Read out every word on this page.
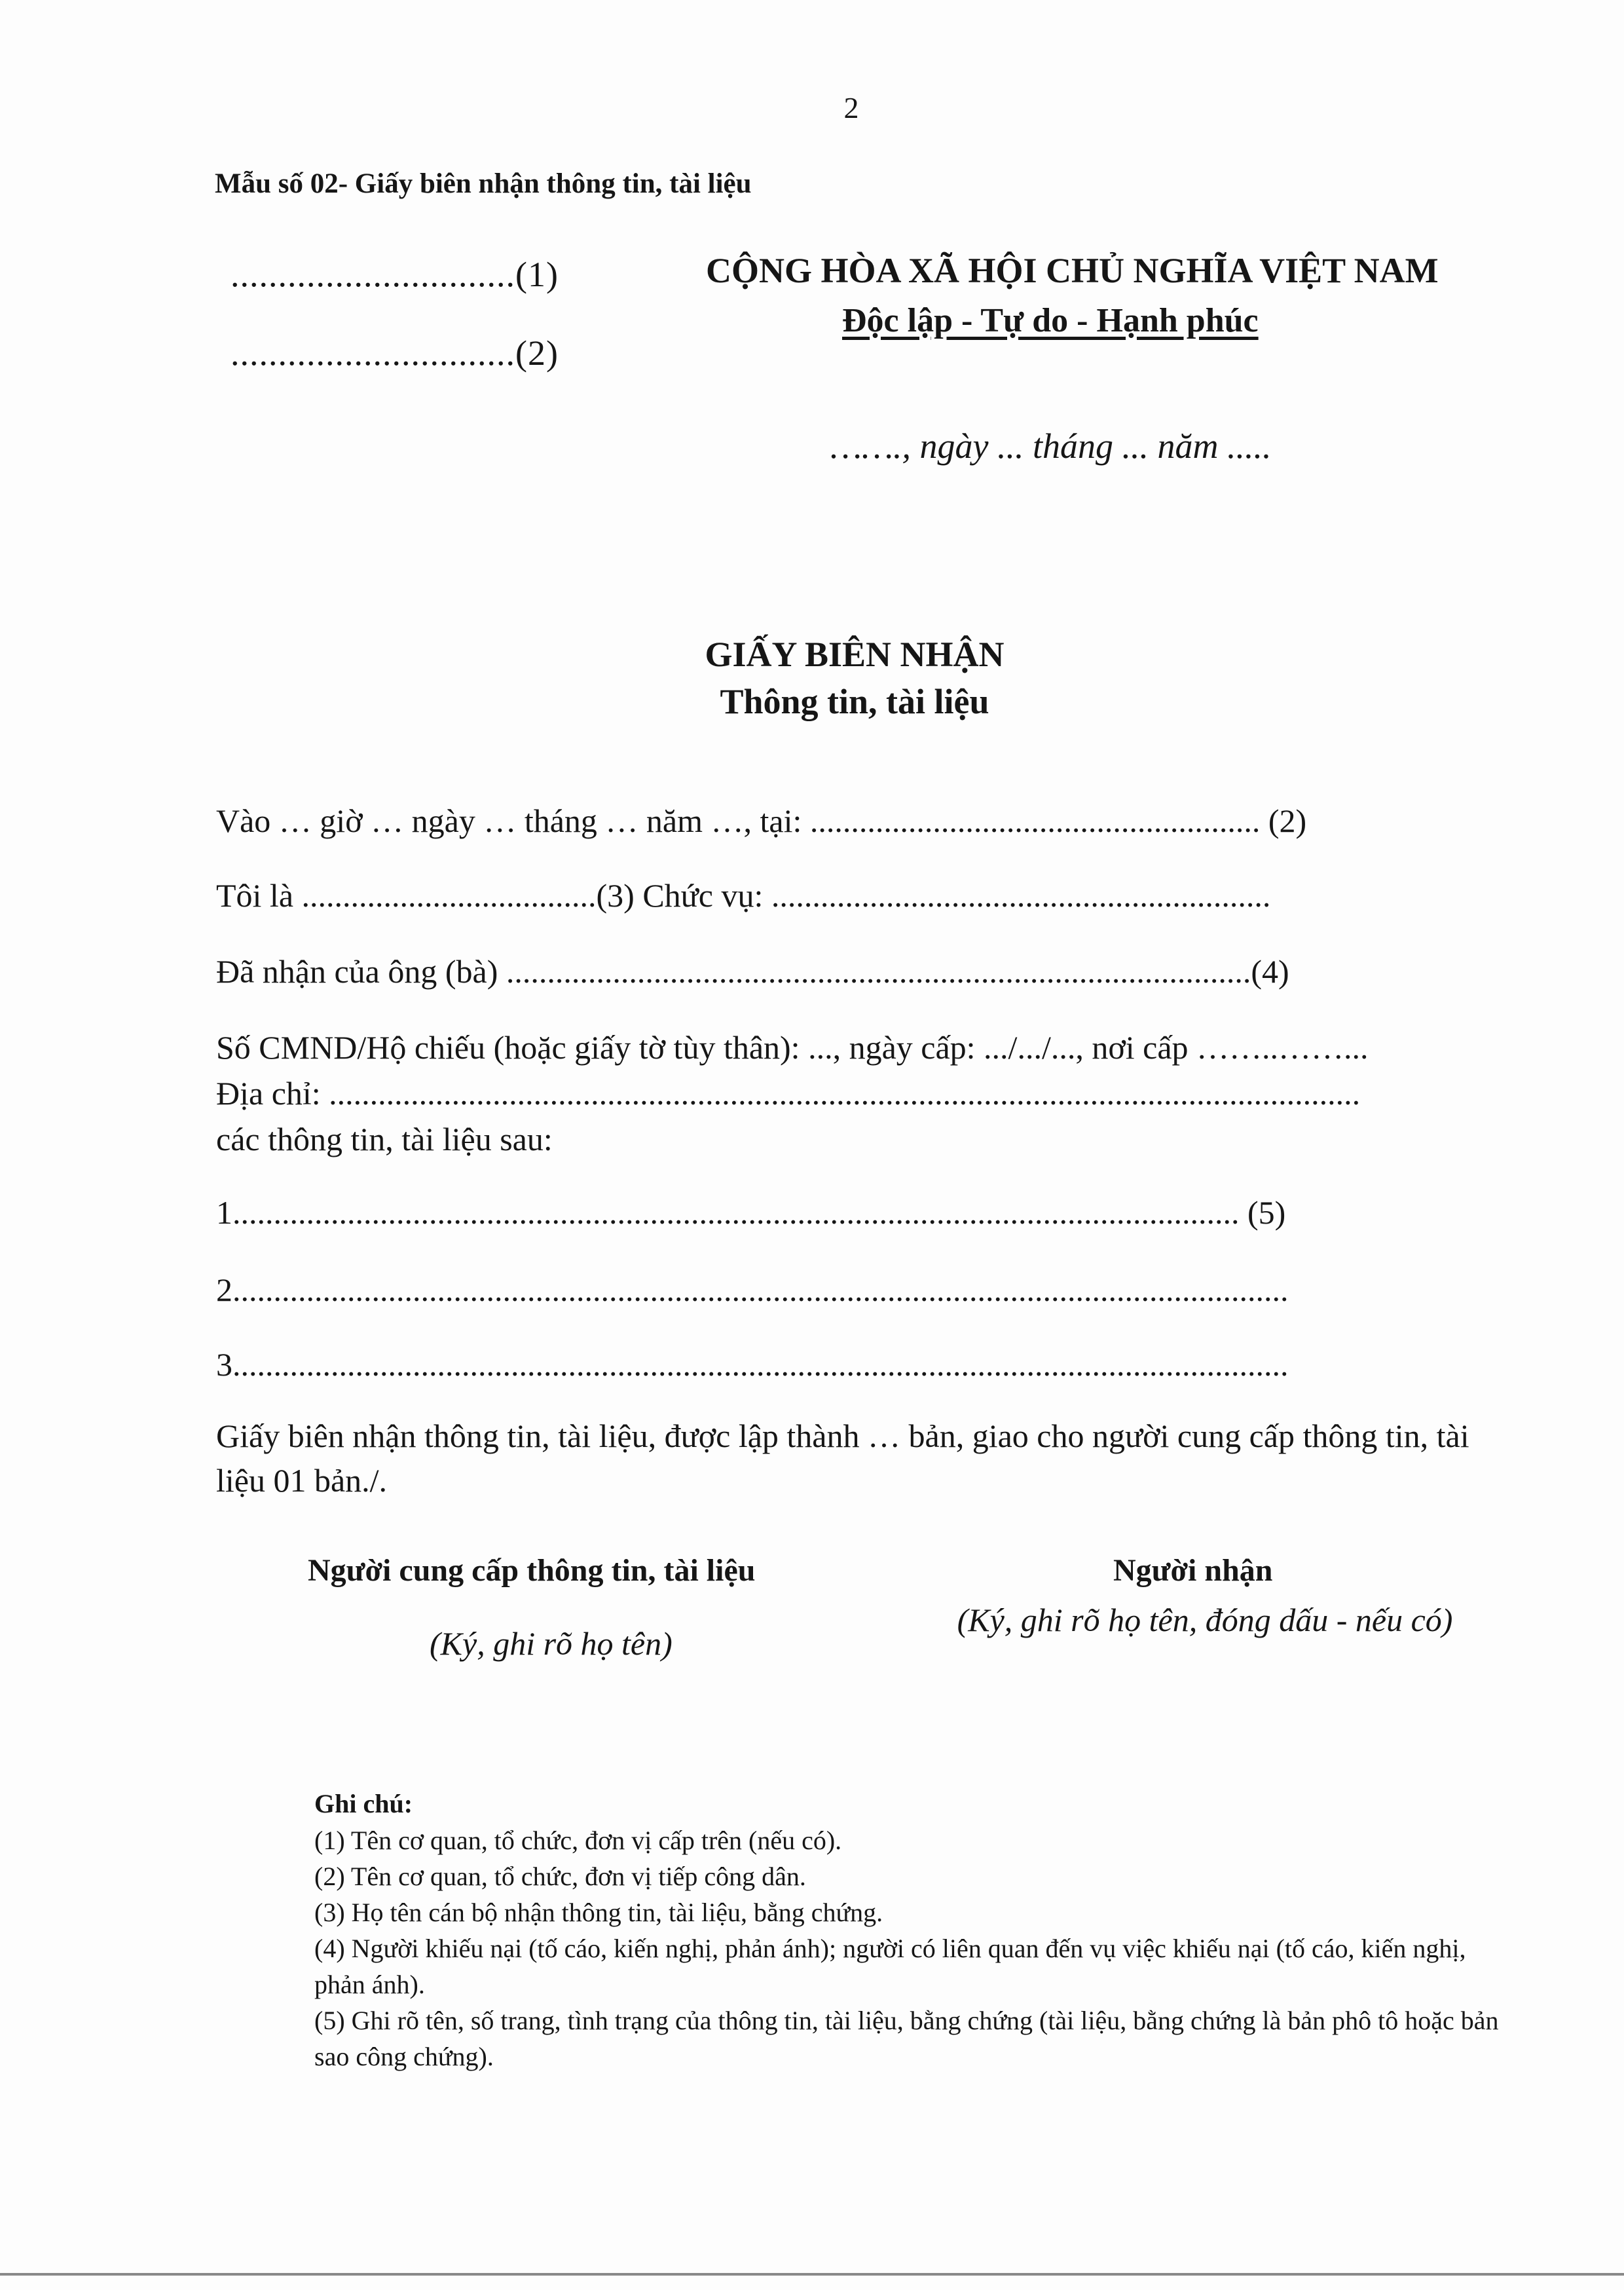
2
Mẫu số 02- Giấy biên nhận thông tin, tài liệu
..............................(1)
..............................(2)
CỘNG HÒA XÃ HỘI CHỦ NGHĨA VIỆT NAM
Độc lập - Tự do - Hạnh phúc
……., ngày ... tháng ... năm .....
GIẤY BIÊN NHẬN
Thông tin, tài liệu
Vào … giờ … ngày … tháng … năm …, tại: ....................................................... (2)
Tôi là ....................................(3) Chức vụ: .............................................................
Đã nhận của ông (bà) ...........................................................................................(4)
Số CMND/Hộ chiếu (hoặc giấy tờ tùy thân): ..., ngày cấp: .../.../..., nơi cấp ……..……...
Địa chỉ: ..............................................................................................................................
các thông tin, tài liệu sau:
1........................................................................................................................... (5)
2.................................................................................................................................
3.................................................................................................................................
Giấy biên nhận thông tin, tài liệu, được lập thành … bản, giao cho người cung cấp thông tin, tài liệu 01 bản./.
Người cung cấp thông tin, tài liệu
(Ký, ghi rõ họ tên)
Người nhận
(Ký, ghi rõ họ tên, đóng dấu - nếu có)
Ghi chú:
(1) Tên cơ quan, tổ chức, đơn vị cấp trên (nếu có).
(2) Tên cơ quan, tổ chức, đơn vị tiếp công dân.
(3) Họ tên cán bộ nhận thông tin, tài liệu, bằng chứng.
(4) Người khiếu nại (tố cáo, kiến nghị, phản ánh); người có liên quan đến vụ việc khiếu nại (tố cáo, kiến nghị, phản ánh).
(5) Ghi rõ tên, số trang, tình trạng của thông tin, tài liệu, bằng chứng (tài liệu, bằng chứng là bản phô tô hoặc bản sao công chứng).
